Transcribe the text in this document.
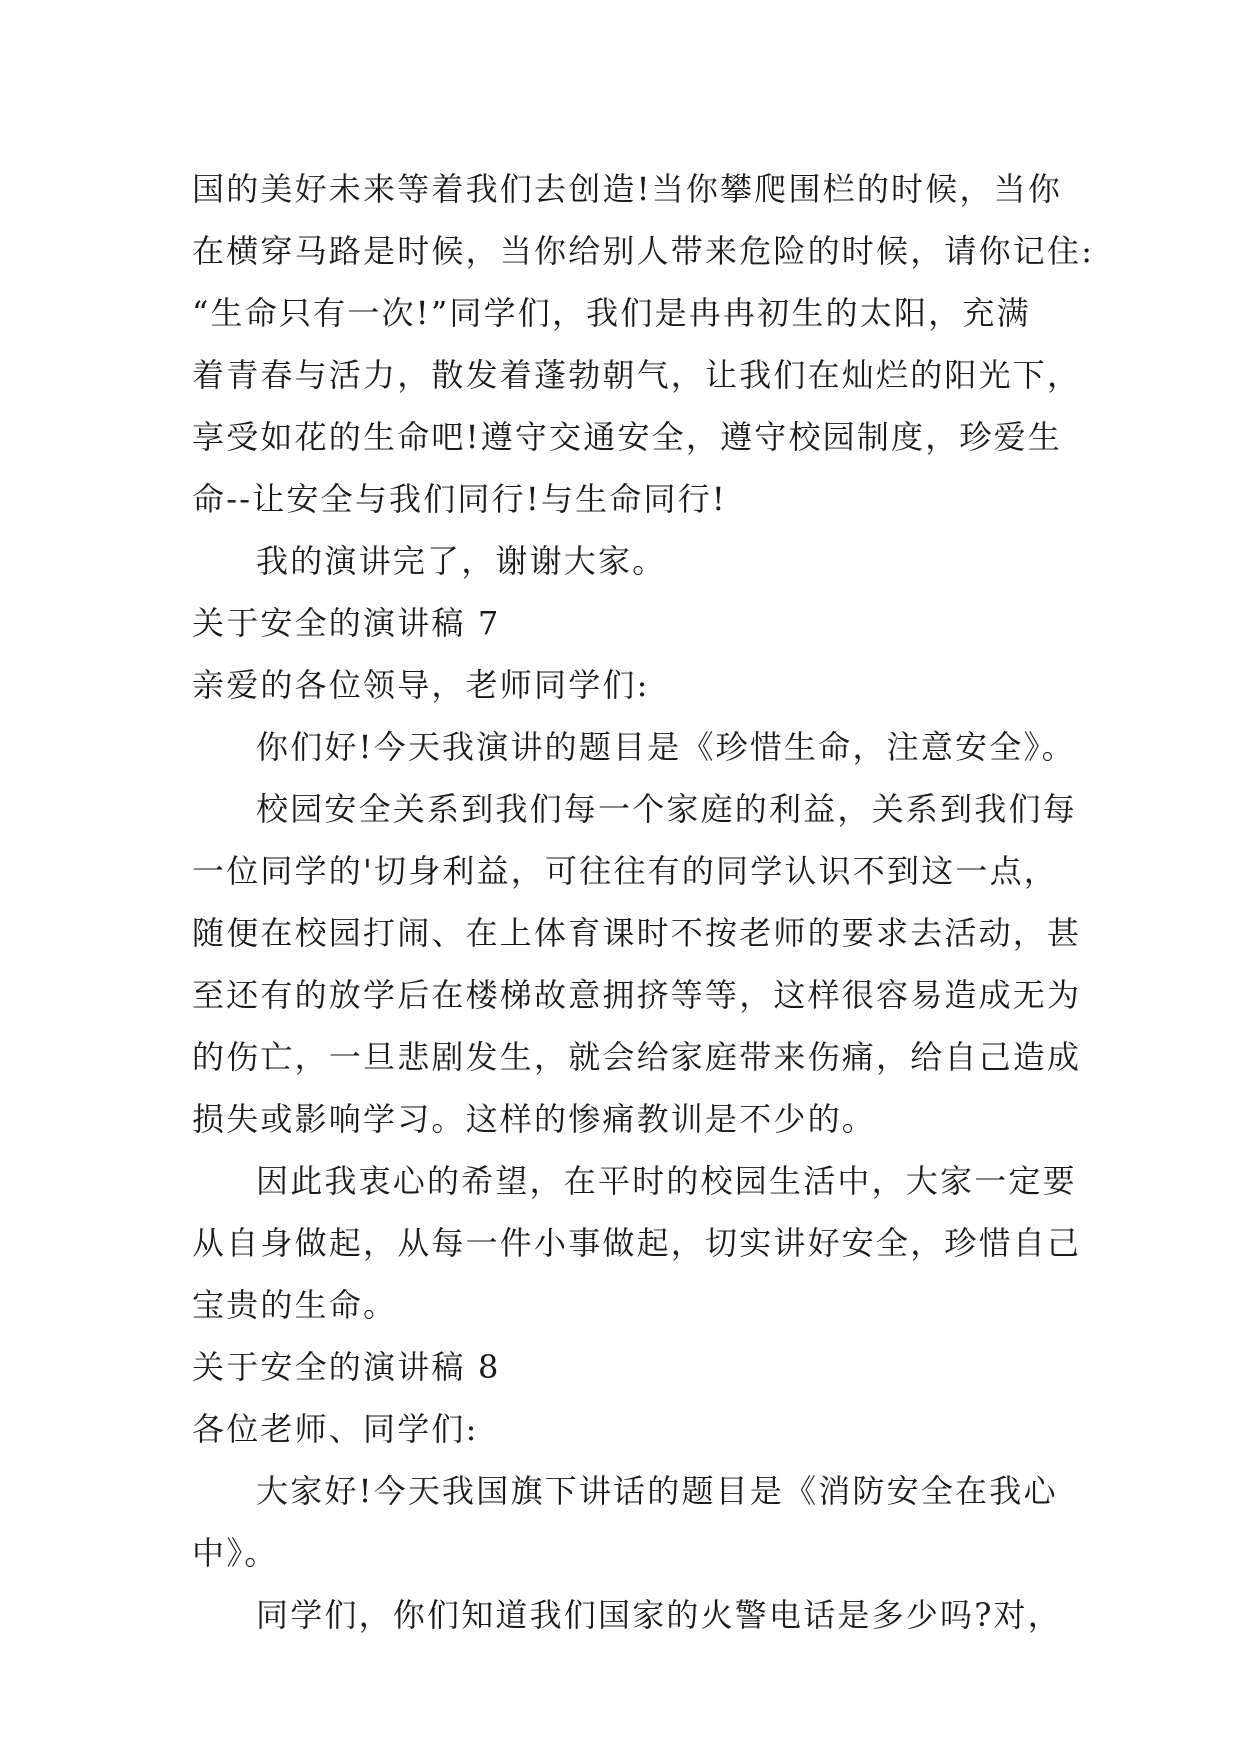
国的美好未来等着我们去创造!当你攀爬围栏的时候，当你
在横穿马路是时候，当你给别人带来危险的时候，请你记住:
“生命只有一次!”同学们，我们是冉冉初生的太阳，充满
着青春与活力，散发着蓬勃朝气，让我们在灿烂的阳光下，
享受如花的生命吧!遵守交通安全，遵守校园制度，珍爱生
命--让安全与我们同行!与生命同行!
我的演讲完了，谢谢大家。
关于安全的演讲稿 7
亲爱的各位领导，老师同学们:
你们好!今天我演讲的题目是《珍惜生命，注意安全》。
校园安全关系到我们每一个家庭的利益，关系到我们每
一位同学的'切身利益，可往往有的同学认识不到这一点，
随便在校园打闹、在上体育课时不按老师的要求去活动，甚
至还有的放学后在楼梯故意拥挤等等，这样很容易造成无为
的伤亡，一旦悲剧发生，就会给家庭带来伤痛，给自己造成
损失或影响学习。这样的惨痛教训是不少的。
因此我衷心的希望，在平时的校园生活中，大家一定要
从自身做起，从每一件小事做起，切实讲好安全，珍惜自己
宝贵的生命。
关于安全的演讲稿 8
各位老师、同学们:
大家好!今天我国旗下讲话的题目是《消防安全在我心
中》。
同学们，你们知道我们国家的火警电话是多少吗?对，
